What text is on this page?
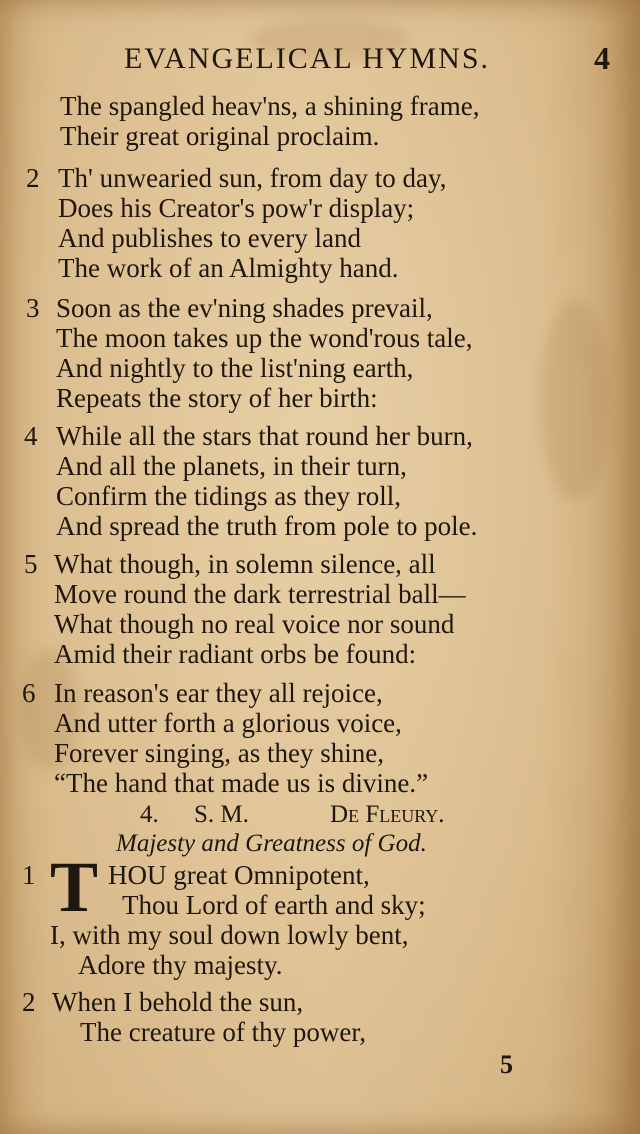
EVANGELICAL HYMNS.	4
The spangled heav'ns, a shining frame,
Their great original proclaim.
2 Th' unwearied sun, from day to day,
Does his Creator's pow'r display;
And publishes to every land
The work of an Almighty hand.
3 Soon as the ev'ning shades prevail,
The moon takes up the wond'rous tale,
And nightly to the list'ning earth,
Repeats the story of her birth:
4 While all the stars that round her burn,
And all the planets, in their turn,
Confirm the tidings as they roll,
And spread the truth from pole to pole.
5 What though, in solemn silence, all
Move round the dark terrestrial ball—
What though no real voice nor sound
Amid their radiant orbs be found:
6 In reason's ear they all rejoice,
And utter forth a glorious voice,
Forever singing, as they shine,
“The hand that made us is divine.”
4. S. M.	De Fleury.
Majesty and Greatness of God.
1 T HOU great Omnipotent,
Thou Lord of earth and sky;
I, with my soul down lowly bent,
Adore thy majesty.
2 When I behold the sun,
The creature of thy power,
5
